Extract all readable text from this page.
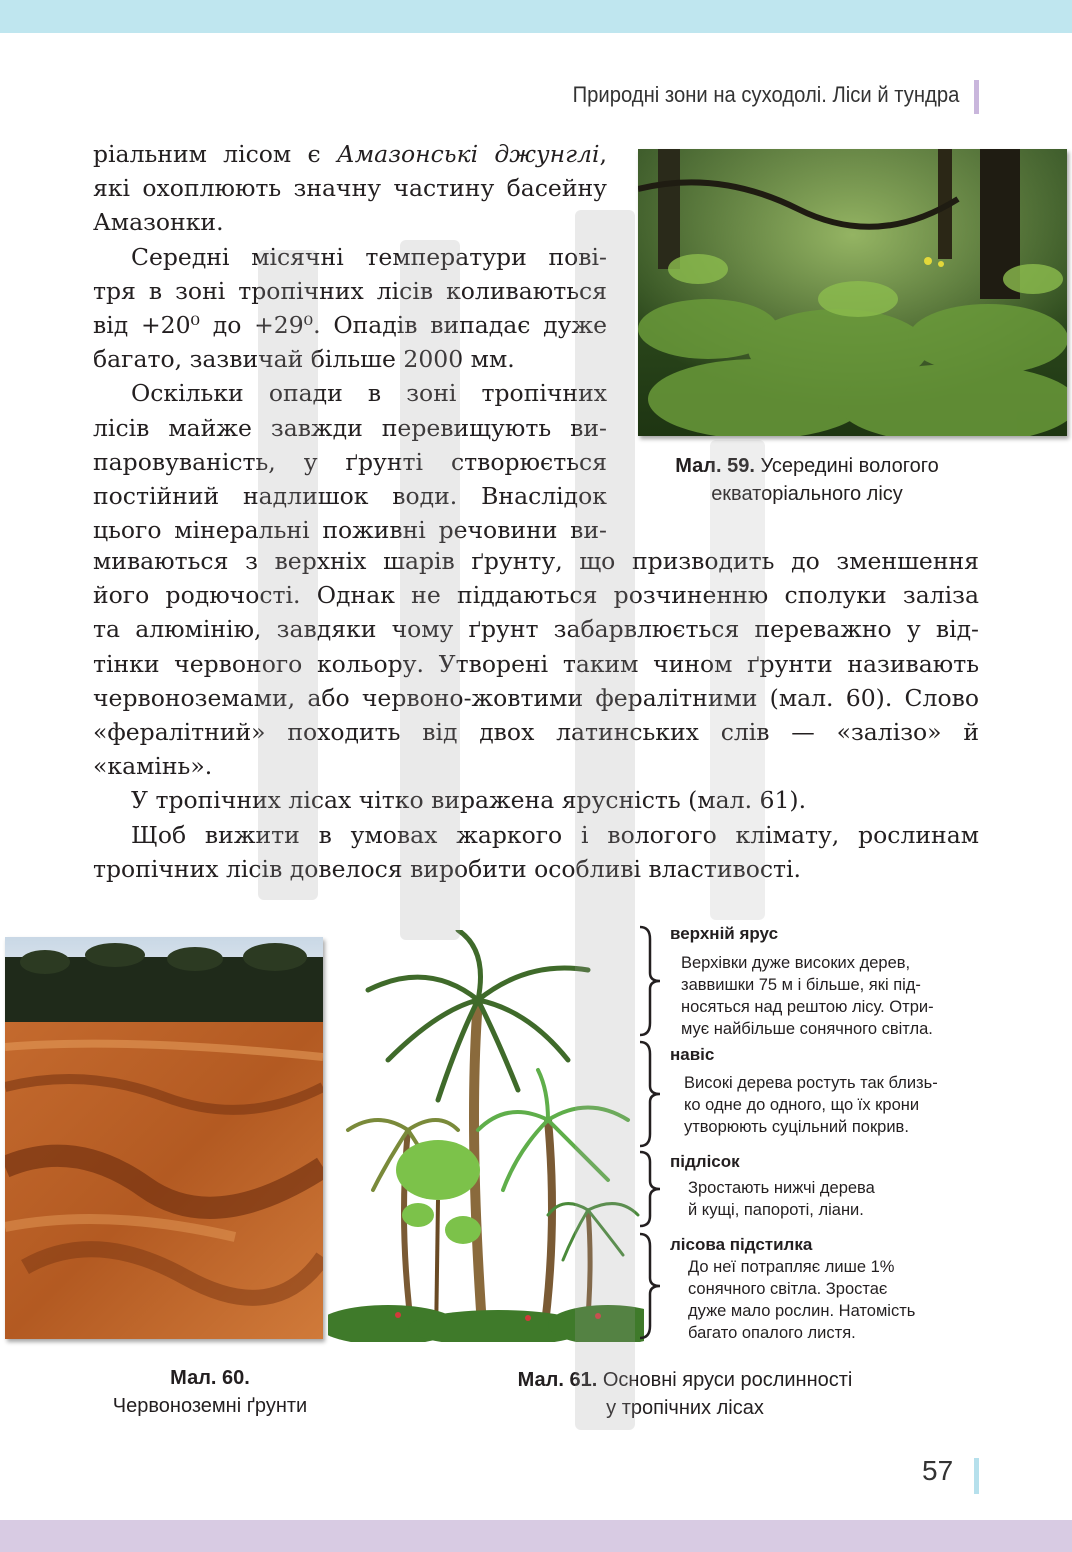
Природні зони на суходолі. Ліси й тундра
ріальним лісом є Амазонські джунглі,
які охоплюють значну частину басейну
Амазонки.
Середні місячні температури пові-
тря в зоні тропічних лісів коливаються
від +20⁰ до +29⁰. Опадів випадає дуже
багато, зазвичай більше 2000 мм.
Оскільки опади в зоні тропічних
лісів майже завжди перевищують ви-
паровуваність, у ґрунті створюється
постійний надлишок води. Внаслідок
цього мінеральні поживні речовини ви-
миваються з верхніх шарів ґрунту, що призводить до зменшення
його родючості. Однак не піддаються розчиненню сполуки заліза
та алюмінію, завдяки чому ґрунт забарвлюється переважно у від-
тінки червоного кольору. Утворені таким чином ґрунти називають
червоноземами, або червоно-жовтими фералітними (мал. 60). Слово
«фералітний» походить від двох латинських слів — «залізо» й
«камінь».
У тропічних лісах чітко виражена ярусність (мал. 61).
Щоб вижити в умовах жаркого і вологого клімату, рослинам
тропічних лісів довелося виробити особливі властивості.
Мал. 59. Усередині вологого
екваторіального лісу
Мал. 60.
Червоноземні ґрунти
верхній ярус
Верхівки дуже високих дерев,
заввишки 75 м і більше, які під-
носяться над рештою лісу. Отри-
мує найбільше сонячного світла.
навіс
Високі дерева ростуть так близь-
ко одне до одного, що їх крони
утворюють суцільний покрив.
підлісок
Зростають нижчі дерева
й кущі, папороті, ліани.
лісова підстилка
До неї потрапляє лише 1%
сонячного світла. Зростає
дуже мало рослин. Натомість
багато опалого листя.
Мал. 61. Основні яруси рослинності
у тропічних лісах
57
